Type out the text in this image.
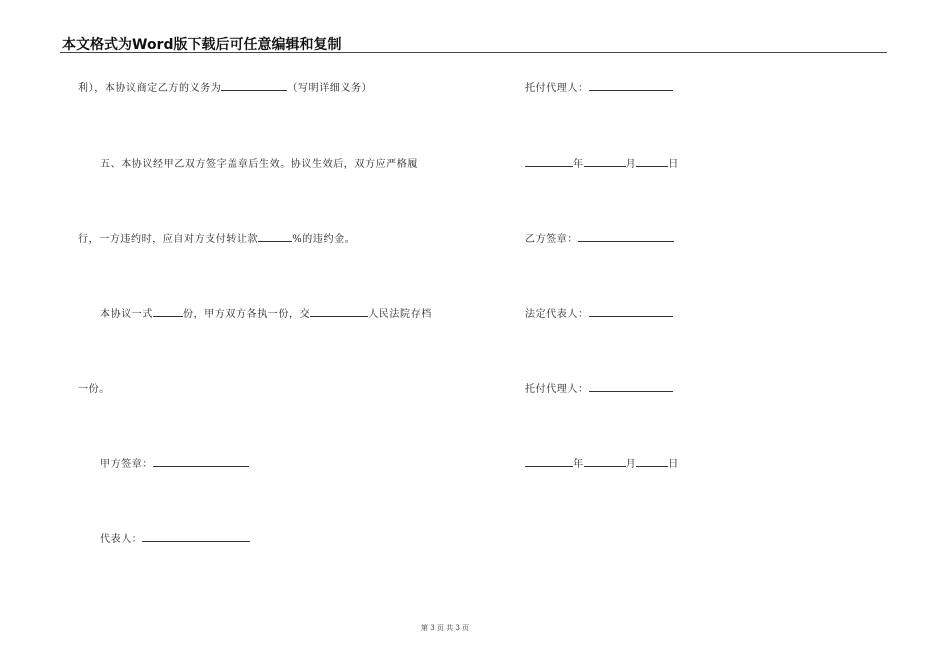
本文格式为Word版下载后可任意编辑和复制
利），本协议商定乙方的义务为	（写明详细义务）
五、本协议经甲乙双方签字盖章后生效。协议生效后，双方应严格履
行，一方违约时，应自对方支付转让款	%的违约金。
本协议一式	份，甲方双方各执一份，交	人民法院存档
一份。
甲方签章：
代表人：
托付代理人：
年	月	日
乙方签章：
法定代表人：
托付代理人：
年	月	日
第 3 页 共 3 页
